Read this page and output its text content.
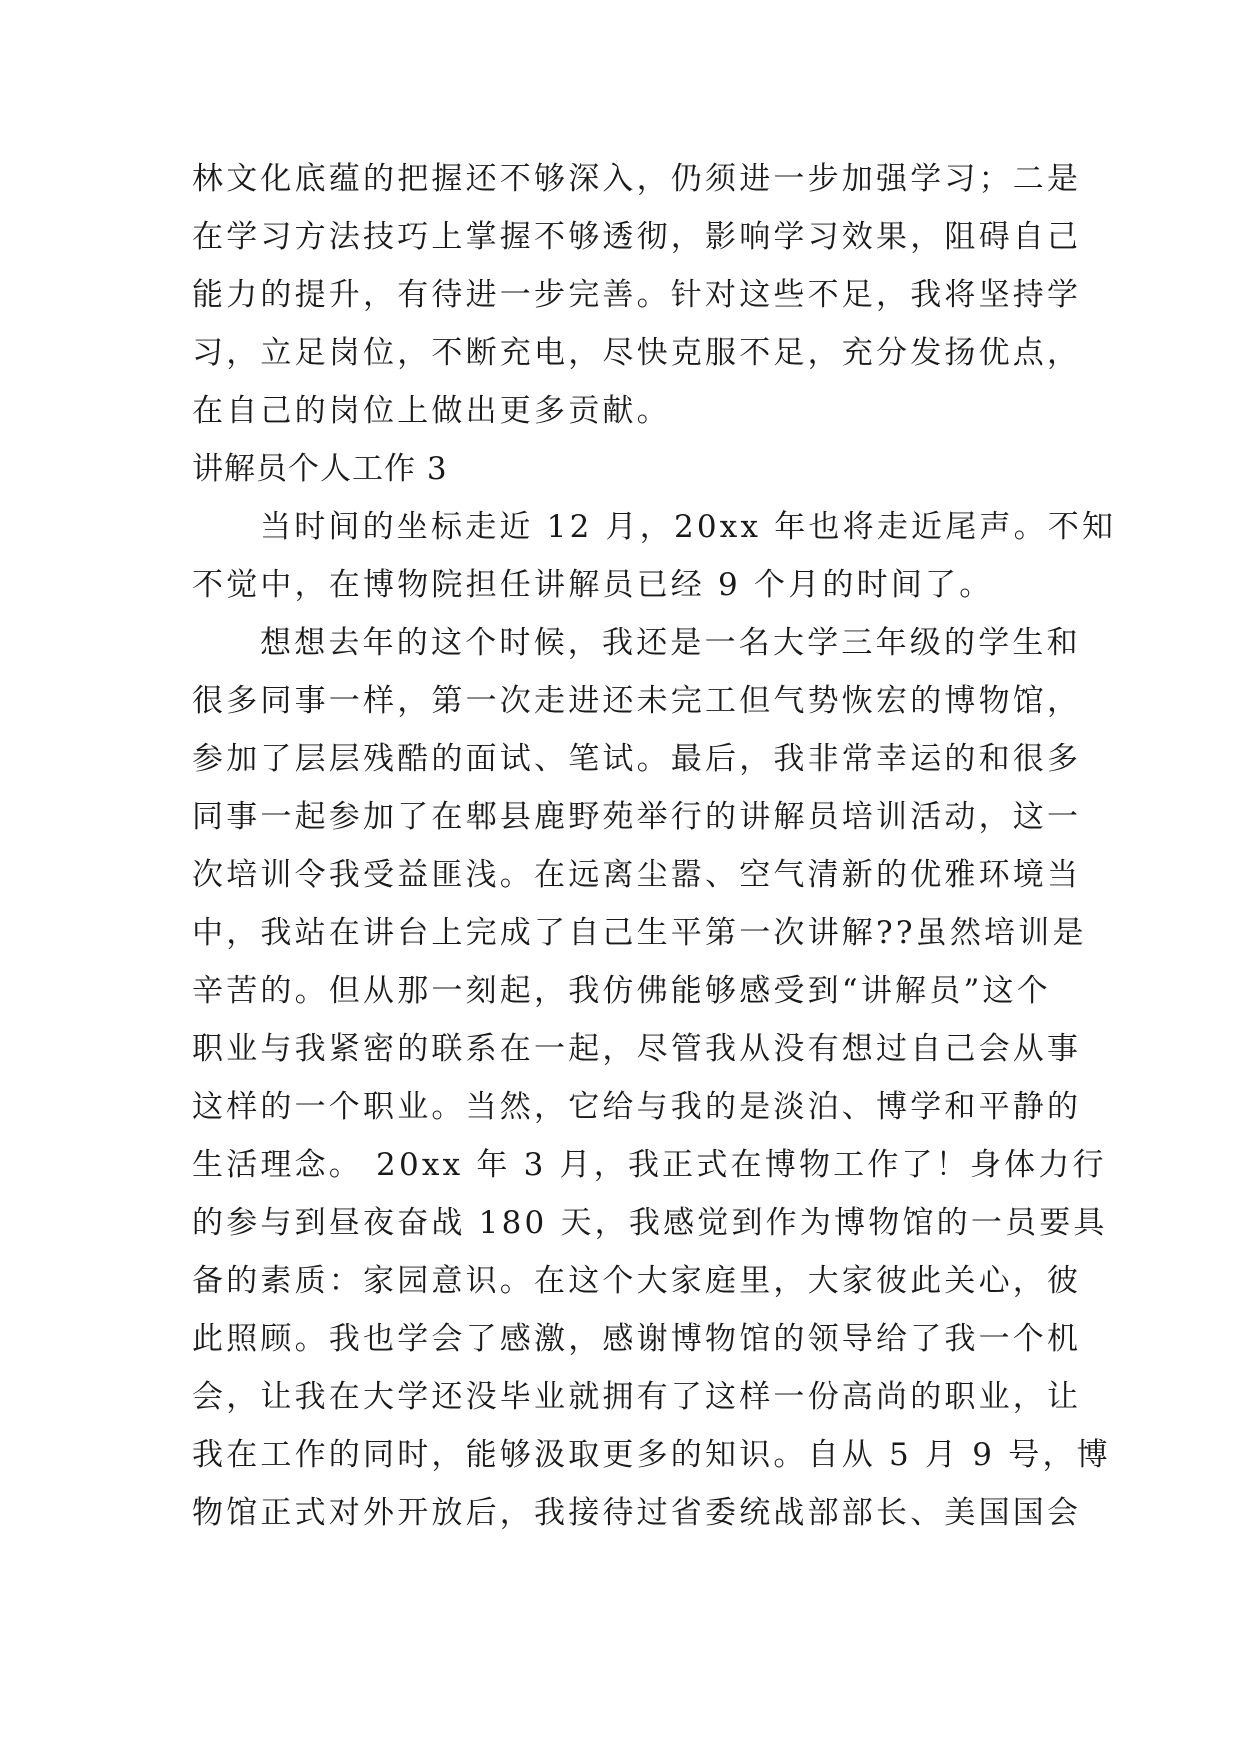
林文化底蕴的把握还不够深入，仍须进一步加强学习；二是
在学习方法技巧上掌握不够透彻，影响学习效果，阻碍自己
能力的提升，有待进一步完善。针对这些不足，我将坚持学
习，立足岗位，不断充电，尽快克服不足，充分发扬优点，
在自己的岗位上做出更多贡献。
讲解员个人工作 3
当时间的坐标走近 12 月，20xx 年也将走近尾声。不知
不觉中，在博物院担任讲解员已经 9 个月的时间了。
想想去年的这个时候，我还是一名大学三年级的学生和
很多同事一样，第一次走进还未完工但气势恢宏的博物馆，
参加了层层残酷的面试、笔试。最后，我非常幸运的和很多
同事一起参加了在郫县鹿野苑举行的讲解员培训活动，这一
次培训令我受益匪浅。在远离尘嚣、空气清新的优雅环境当
中，我站在讲台上完成了自己生平第一次讲解??虽然培训是
辛苦的。但从那一刻起，我仿佛能够感受到“讲解员”这个
职业与我紧密的联系在一起，尽管我从没有想过自己会从事
这样的一个职业。当然，它给与我的是淡泊、博学和平静的
生活理念。 20xx 年 3 月，我正式在博物工作了！身体力行
的参与到昼夜奋战 180 天，我感觉到作为博物馆的一员要具
备的素质：家园意识。在这个大家庭里，大家彼此关心，彼
此照顾。我也学会了感激，感谢博物馆的领导给了我一个机
会，让我在大学还没毕业就拥有了这样一份高尚的职业，让
我在工作的同时，能够汲取更多的知识。自从 5 月 9 号，博
物馆正式对外开放后，我接待过省委统战部部长、美国国会
